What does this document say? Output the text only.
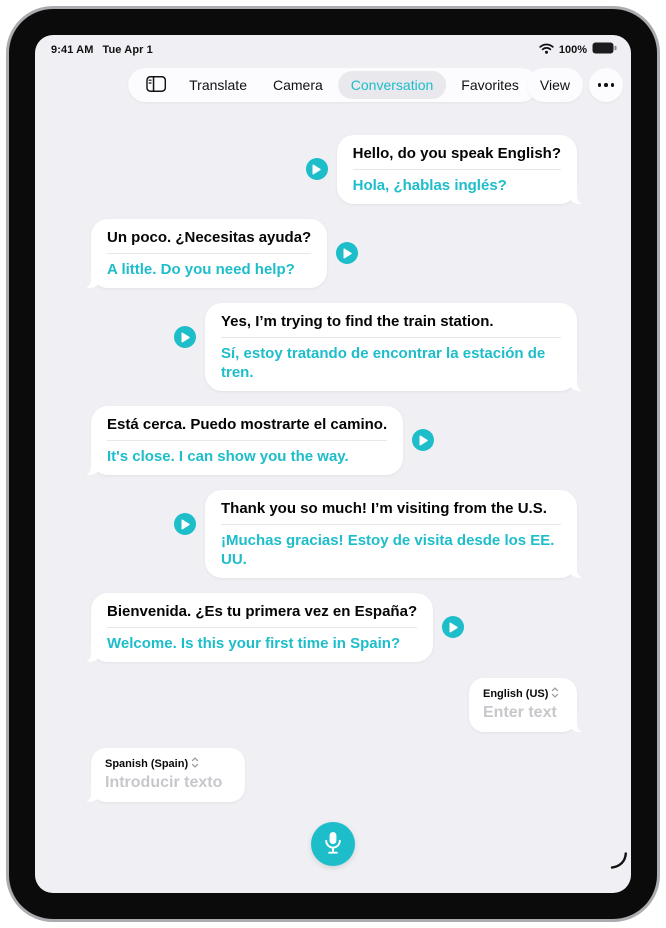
9:41 AM Tue Apr 1	100%
Translate	Camera	Conversation	Favorites	View
Hello, do you speak English?
Hola, ¿hablas inglés?
Un poco. ¿Necesitas ayuda?
A little. Do you need help?
Yes, I’m trying to find the train station.
Sí, estoy tratando de encontrar la estación de tren.
Está cerca. Puedo mostrarte el camino.
It's close. I can show you the way.
Thank you so much! I’m visiting from the U.S.
¡Muchas gracias! Estoy de visita desde los EE. UU.
Bienvenida. ¿Es tu primera vez en España?
Welcome. Is this your first time in Spain?
English (US)
Enter text
Spanish (Spain)
Introducir texto
